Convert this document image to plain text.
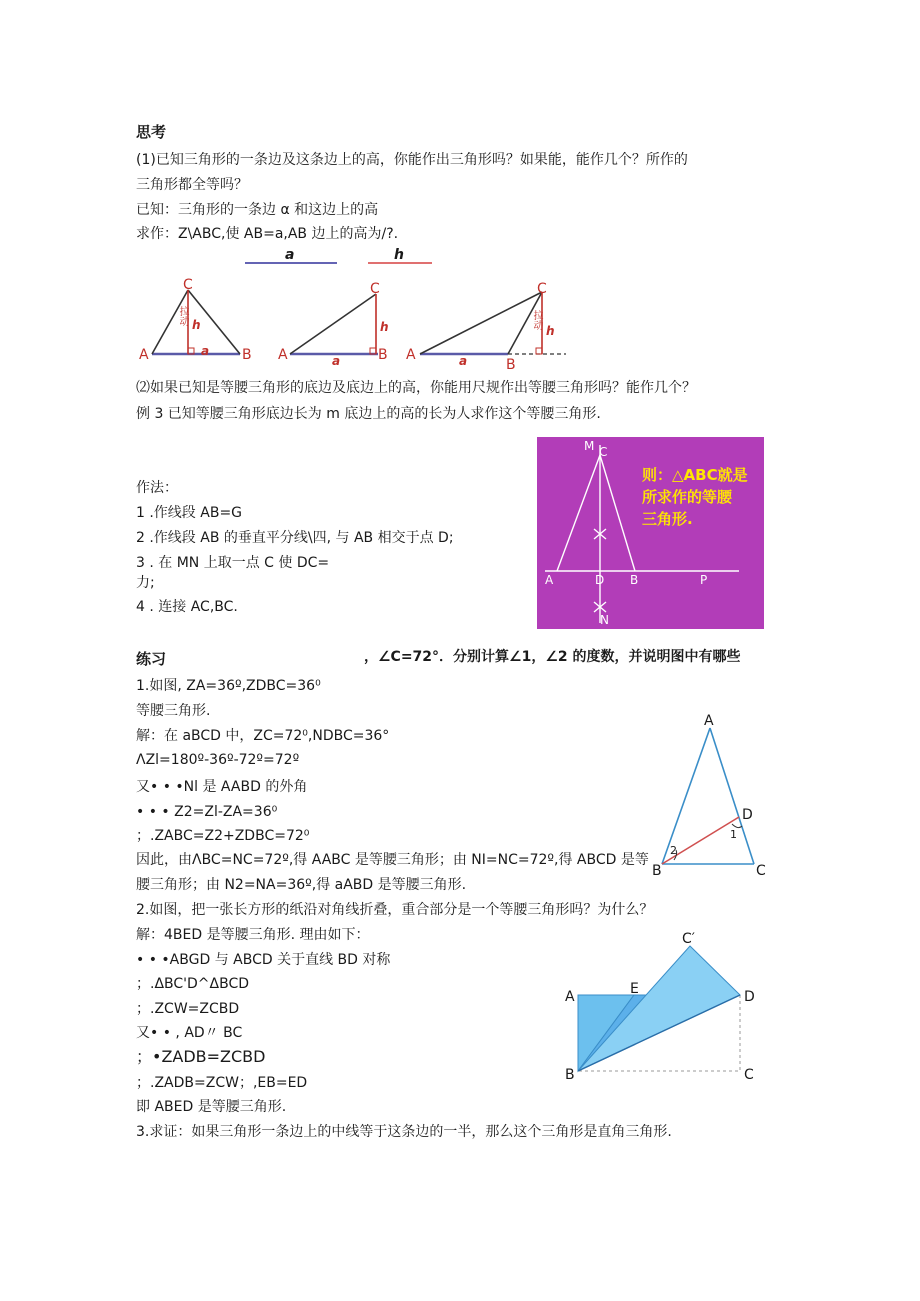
思考
(1)已知三角形的一条边及这条边上的高，你能作出三角形吗？如果能，能作几个？所作的
三角形都全等吗？
已知：三角形的一条边 α 和这边上的高
求作：Z\ABC,使 AB=a,AB 边上的高为/?.
a	h
C
拉动 h
a
A	B
C
h
a
A	B
C
拉动
h
a
A
B
⑵如果已知是等腰三角形的底边及底边上的高，你能用尺规作出等腰三角形吗？能作几个？
例 3 已知等腰三角形底边长为 m 底边上的高的长为人求作这个等腰三角形.
作法：
1 .作线段 AB=G
2 .作线段 AB 的垂直平分线\四, 与 AB 相交于点 D;
3 . 在 MN 上取一点 C 使 DC=
力;
4 . 连接 AC,BC.
M C
A	D B	P
N
则：△ABC就是
所求作的等腰
三角形.
练习	，∠C=72°．分别计算∠1，∠2 的度数，并说明图中有哪些
1.如图, ZA=36º,ZDBC=36⁰
等腰三角形.
解：在 aBCD 中，ZC=72⁰,NDBC=36°
ΛZl=180º-36º-72º=72º
又• • •Nl 是 AABD 的外角
• • • Z2=Zl-ZA=36⁰
；.ZABC=Z2+ZDBC=72⁰
因此，由ΛBC=NC=72º,得 AABC 是等腰三角形；由 NI=NC=72º,得 ABCD 是等
腰三角形；由 N2=NA=36º,得 aABD 是等腰三角形.
A
D
1
2
B	C
2.如图，把一张长方形的纸沿对角线折叠，重合部分是一个等腰三角形吗？为什么？
解：4BED 是等腰三角形. 理由如下：
• • •ABGD 与 ABCD 关于直线 BD 对称
；.ΔBC'D^ΔBCD
；.ZCW=ZCBD
又• • , AD〃 BC
；•ZADB=ZCBD
；.ZADB=ZCW；,EB=ED
即 ABED 是等腰三角形.
C′
A	E	D
B	C
3.求证：如果三角形一条边上的中线等于这条边的一半，那么这个三角形是直角三角形.
